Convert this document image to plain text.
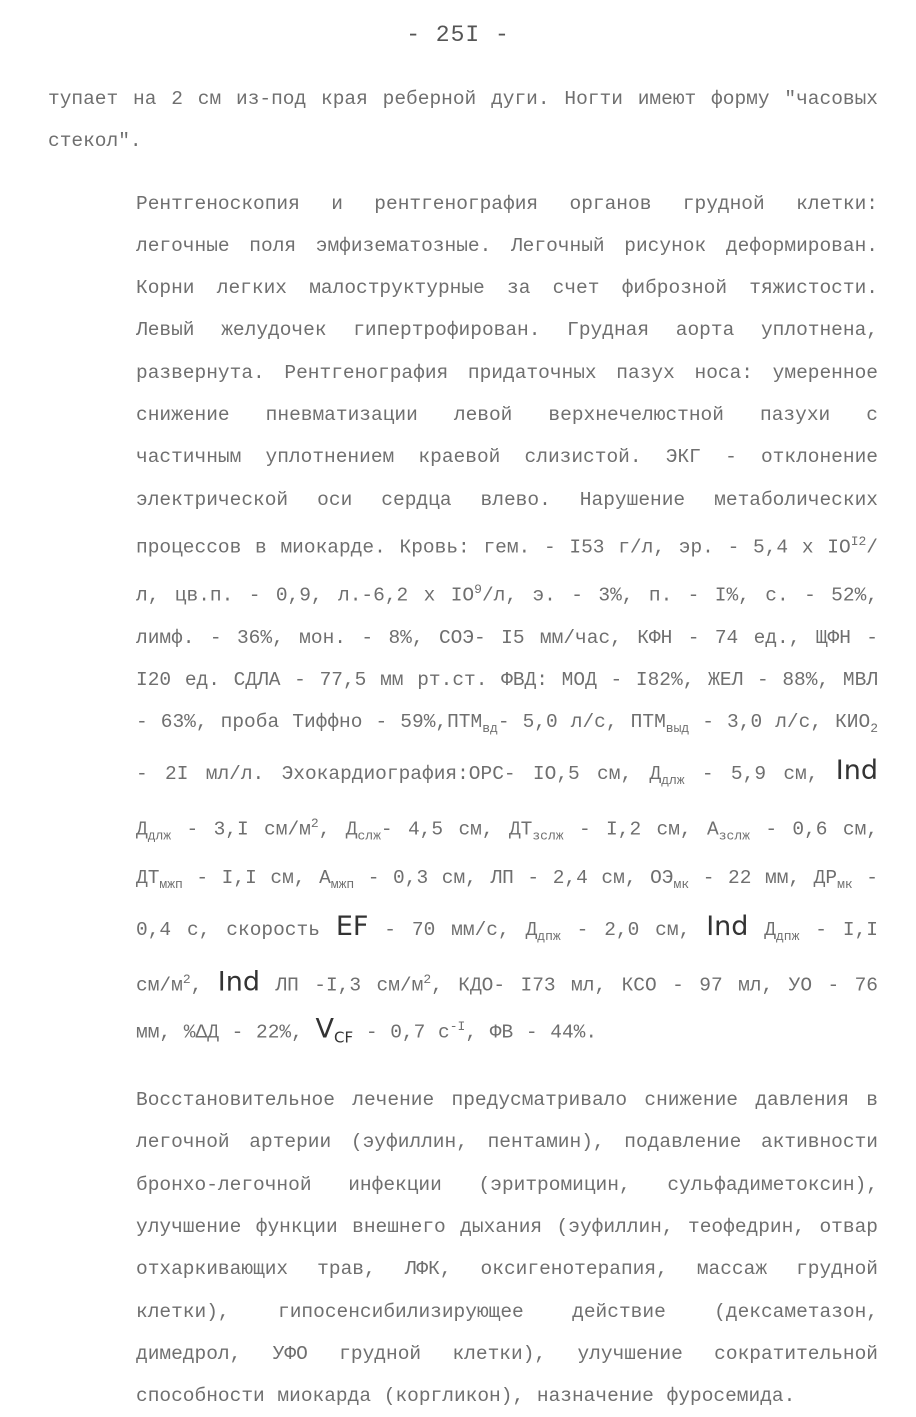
- 25I -

тупает на 2 см из-под края реберной дуги. Ногти имеют форму "часовых стекол".

Рентгеноскопия и рентгенография органов грудной клетки: легочные поля эмфизематозные. Легочный рисунок деформирован. Корни легких малоструктурные за счет фиброзной тяжистости. Левый желудочек гипертрофирован. Грудная аорта уплотнена, развернута. Рентгенография придаточных пазух носа: умеренное снижение пневматизации левой верхнечелюстной пазухи с частичным уплотнением краевой слизистой. ЭКГ - отклонение электрической оси сердца влево. Нарушение метаболических процессов в миокарде. Кровь: гем. - I53 г/л, эр. - 5,4 х $IO^{I2}/л$, цв.п. - 0,9, л.-6,2 х $IO^9/л$, э. - 3%, п. - I%, с. - 52%, лимф. - 36%, мон. - 8%, СОЭ- I5 мм/час, КФН - 74 ед., ЩФН - I20 ед. СДЛА - 77,5 мм рт.ст. ФВД: МОД - I82%, ЖЕЛ - 88%, МВЛ - 63%, проба Тиффно - $59\%,ПТМ_{вд}-$ 5,0 л/с, $ПТМ_{выд} - 3,0$ л/с, $КИО_2 - 2I$ мл/л. Эхокардиография:ОРС- IO,5 см, $Д_{длж} - 5,9$ см, Ind $Д_{длж} - 3,I$ $см/м^2$, $Д_{слж}-$ 4,5 см, $ДТ_{зслж} - I,2$ см, $А_{зслж} - 0,6$ см, $ДТ_{мжп} - I,I$ см, $А_{мжп} - 0,3$ см, ЛП - 2,4 см, $ОЭ_{мк} - 22$ мм, $ДР_{мк} - 0,4$ с, скорость EF - 70 мм/с, $Д_{дпж} - 2,0$ см, Ind $Д_{дпж} - I,I$ $см/м^2$, Ind ЛП -I,3 $см/м^2$, КДО- I73 мл, КСО - 97 мл, УО - 76 мм, %ΔД - 22%, $V_{CF} - 0,7$ $с^{-I}$, ФВ - 44%.

Восстановительное лечение предусматривало снижение давления в легочной артерии (эуфиллин, пентамин), подавление активности бронхо-легочной инфекции (эритромицин, сульфадиметоксин), улучшение функции внешнего дыхания (эуфиллин, теофедрин, отвар отхаркивающих трав, ЛФК, оксигенотерапия, массаж грудной клетки), гипосенсибилизирующее действие (дексаметазон, димедрол, УФО грудной клетки), улучшение сократительной способности миокарда (коргликон), назначение фуросемида.
